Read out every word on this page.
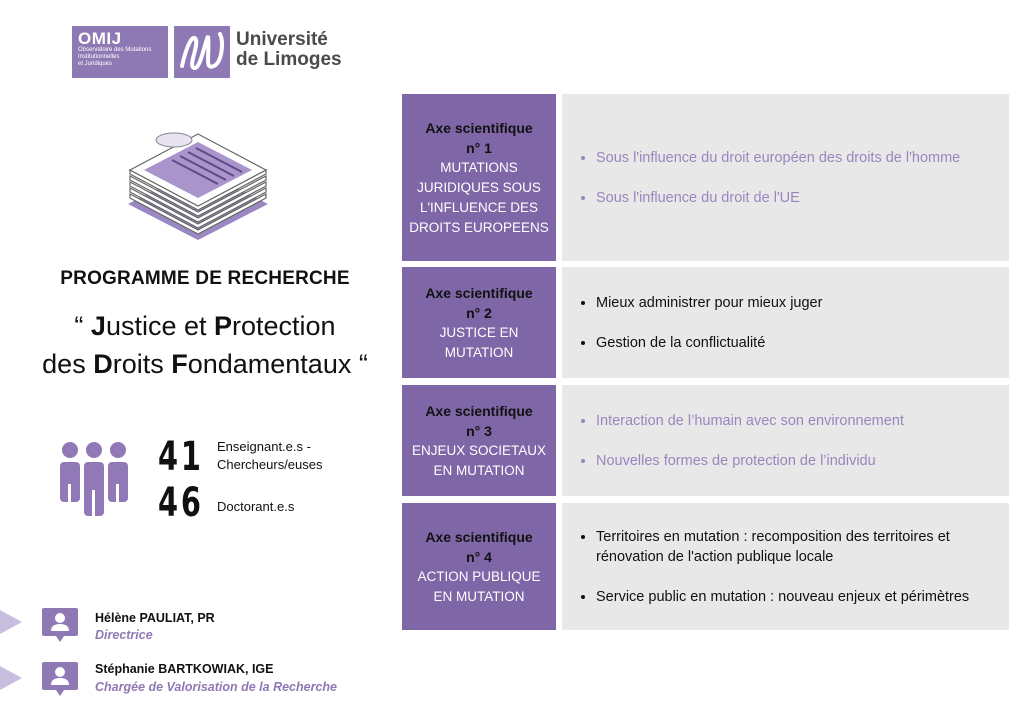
OMIJ
Observatoire des Mutations
Institutionnelles
et Juridiques
Université
de Limoges
PROGRAMME DE RECHERCHE
“ Justice et Protection
des Droits Fondamentaux “
41 Enseignant.e.s -
Chercheurs/euses
46 Doctorant.e.s
Hélène PAULIAT, PR
Directrice
Stéphanie BARTKOWIAK, IGE
Chargée de Valorisation de la Recherche
Axe scientifique
n° 1
MUTATIONS JURIDIQUES SOUS L'INFLUENCE DES DROITS EUROPEENS
• Sous l'influence du droit européen des droits de l'homme
• Sous l'influence du droit de l'UE
Axe scientifique
n° 2
JUSTICE EN MUTATION
• Mieux administrer pour mieux juger
• Gestion de la conflictualité
Axe scientifique
n° 3
ENJEUX SOCIETAUX EN MUTATION
• Interaction de l’humain avec son environnement
• Nouvelles formes de protection de l’individu
Axe scientifique
n° 4
ACTION PUBLIQUE EN MUTATION
• Territoires en mutation : recomposition des territoires et rénovation de l'action publique locale
• Service public en mutation : nouveau enjeux et périmètres
